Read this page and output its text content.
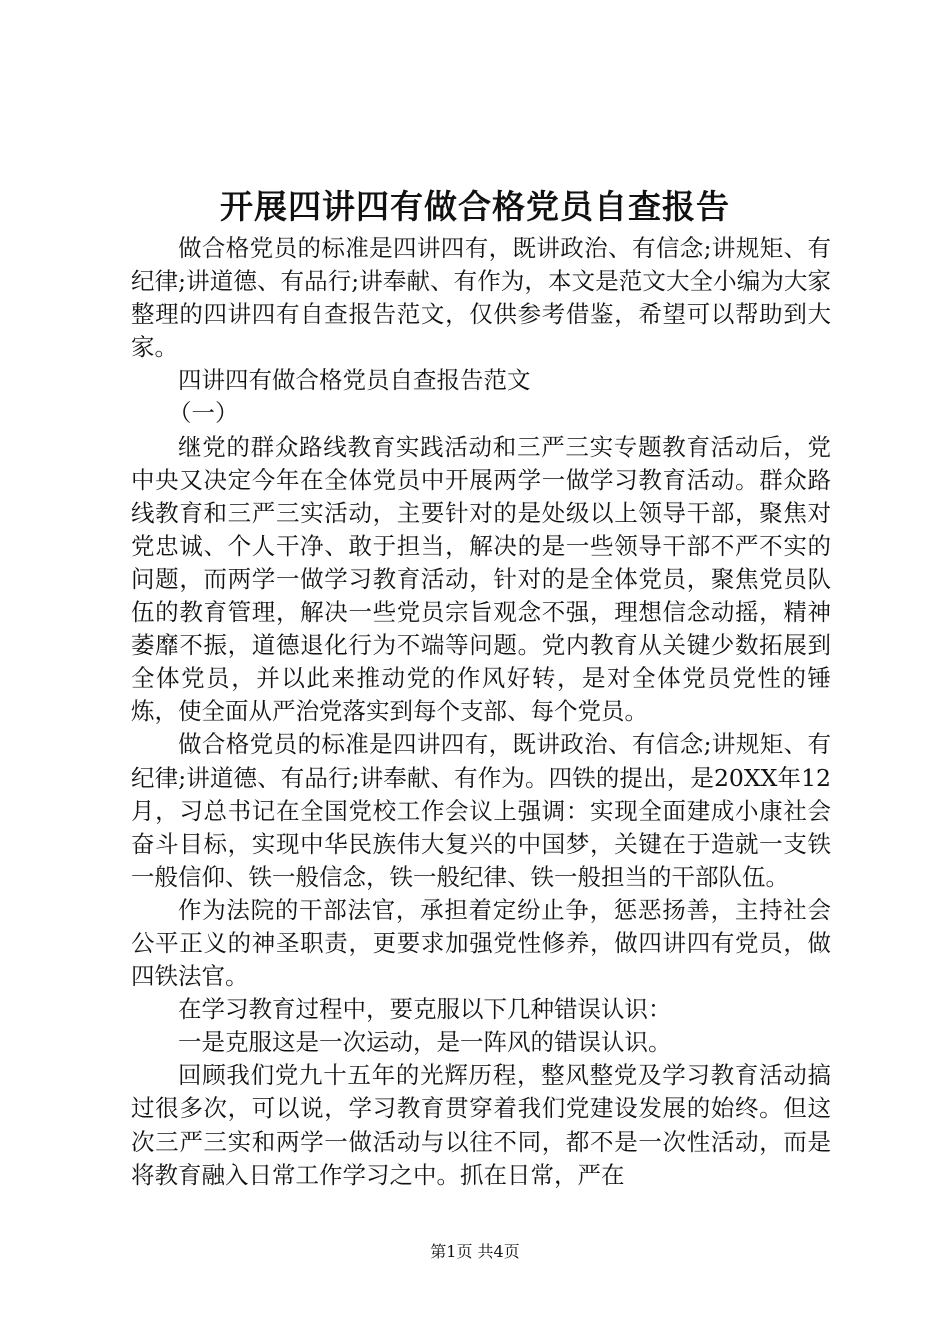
开展四讲四有做合格党员自查报告

做合格党员的标准是四讲四有，既讲政治、有信念;讲规矩、有纪律;讲道德、有品行;讲奉献、有作为，本文是范文大全小编为大家整理的四讲四有自查报告范文，仅供参考借鉴，希望可以帮助到大家。

四讲四有做合格党员自查报告范文

（一）

继党的群众路线教育实践活动和三严三实专题教育活动后，党中央又决定今年在全体党员中开展两学一做学习教育活动。群众路线教育和三严三实活动，主要针对的是处级以上领导干部，聚焦对党忠诚、个人干净、敢于担当，解决的是一些领导干部不严不实的问题，而两学一做学习教育活动，针对的是全体党员，聚焦党员队伍的教育管理，解决一些党员宗旨观念不强，理想信念动摇，精神萎靡不振，道德退化行为不端等问题。党内教育从关键少数拓展到全体党员，并以此来推动党的作风好转，是对全体党员党性的锤炼，使全面从严治党落实到每个支部、每个党员。

做合格党员的标准是四讲四有，既讲政治、有信念;讲规矩、有纪律;讲道德、有品行;讲奉献、有作为。四铁的提出，是20XX年12月，习总书记在全国党校工作会议上强调：实现全面建成小康社会奋斗目标，实现中华民族伟大复兴的中国梦，关键在于造就一支铁一般信仰、铁一般信念，铁一般纪律、铁一般担当的干部队伍。

作为法院的干部法官，承担着定纷止争，惩恶扬善，主持社会公平正义的神圣职责，更要求加强党性修养，做四讲四有党员，做四铁法官。

在学习教育过程中，要克服以下几种错误认识：

一是克服这是一次运动，是一阵风的错误认识。

回顾我们党九十五年的光辉历程，整风整党及学习教育活动搞过很多次，可以说，学习教育贯穿着我们党建设发展的始终。但这次三严三实和两学一做活动与以往不同，都不是一次性活动，而是将教育融入日常工作学习之中。抓在日常，严在

第1页 共4页
